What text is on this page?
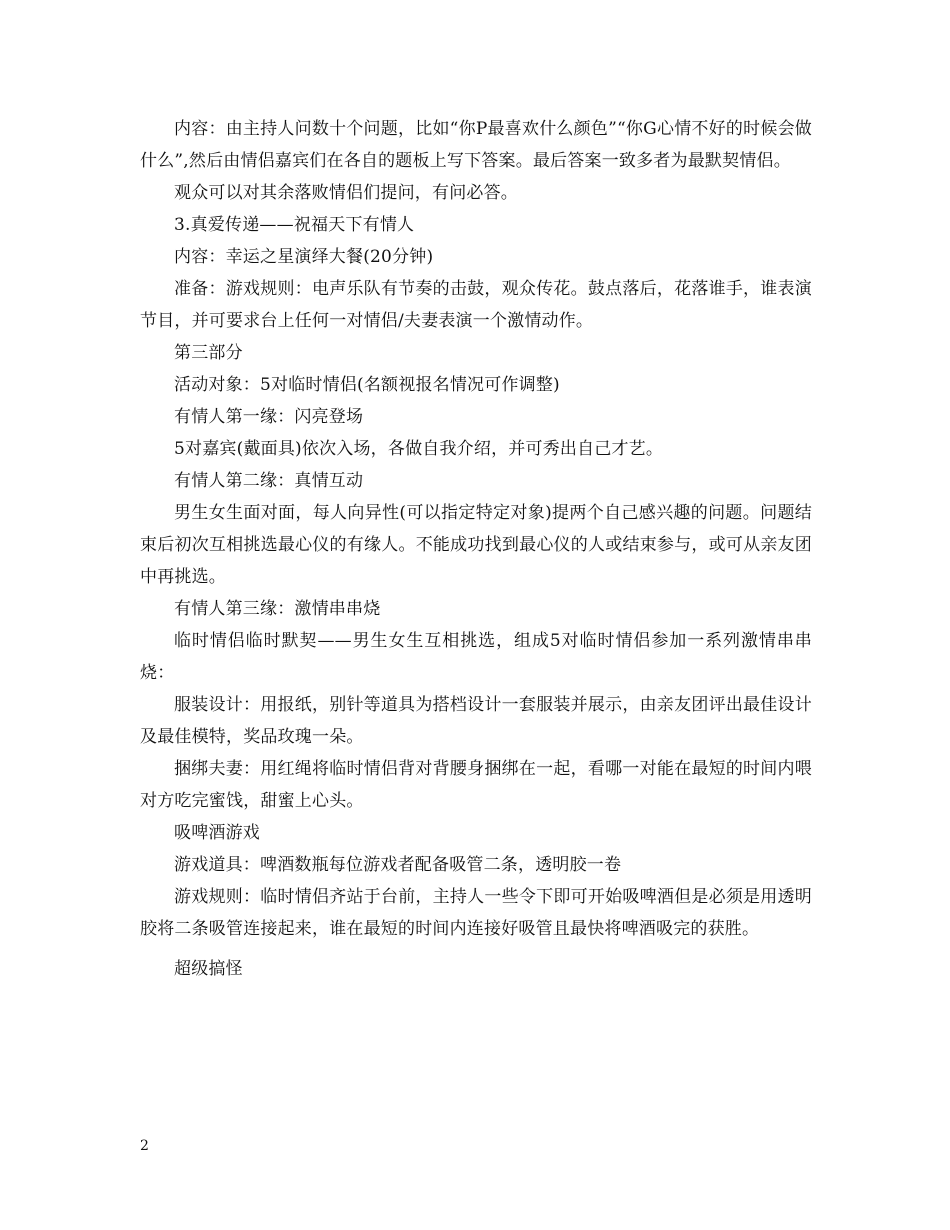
内容：由主持人问数十个问题，比如“你P最喜欢什么颜色”“你G心情不好的时候会做什么”,然后由情侣嘉宾们在各自的题板上写下答案。最后答案一致多者为最默契情侣。

观众可以对其余落败情侣们提问，有问必答。

3.真爱传递——祝福天下有情人

内容：幸运之星演绎大餐(20分钟)

准备：游戏规则：电声乐队有节奏的击鼓，观众传花。鼓点落后，花落谁手，谁表演节目，并可要求台上任何一对情侣/夫妻表演一个激情动作。

第三部分

活动对象：5对临时情侣(名额视报名情况可作调整)

有情人第一缘：闪亮登场

5对嘉宾(戴面具)依次入场，各做自我介绍，并可秀出自己才艺。

有情人第二缘：真情互动

男生女生面对面，每人向异性(可以指定特定对象)提两个自己感兴趣的问题。问题结束后初次互相挑选最心仪的有缘人。不能成功找到最心仪的人或结束参与，或可从亲友团中再挑选。

有情人第三缘：激情串串烧

临时情侣临时默契——男生女生互相挑选，组成5对临时情侣参加一系列激情串串烧：

服装设计：用报纸，别针等道具为搭档设计一套服装并展示，由亲友团评出最佳设计及最佳模特，奖品玫瑰一朵。

捆绑夫妻：用红绳将临时情侣背对背腰身捆绑在一起，看哪一对能在最短的时间内喂对方吃完蜜饯，甜蜜上心头。

吸啤酒游戏

游戏道具：啤酒数瓶每位游戏者配备吸管二条，透明胶一卷

游戏规则：临时情侣齐站于台前，主持人一些令下即可开始吸啤酒但是必须是用透明胶将二条吸管连接起来，谁在最短的时间内连接好吸管且最快将啤酒吸完的获胜。

超级搞怪

2
